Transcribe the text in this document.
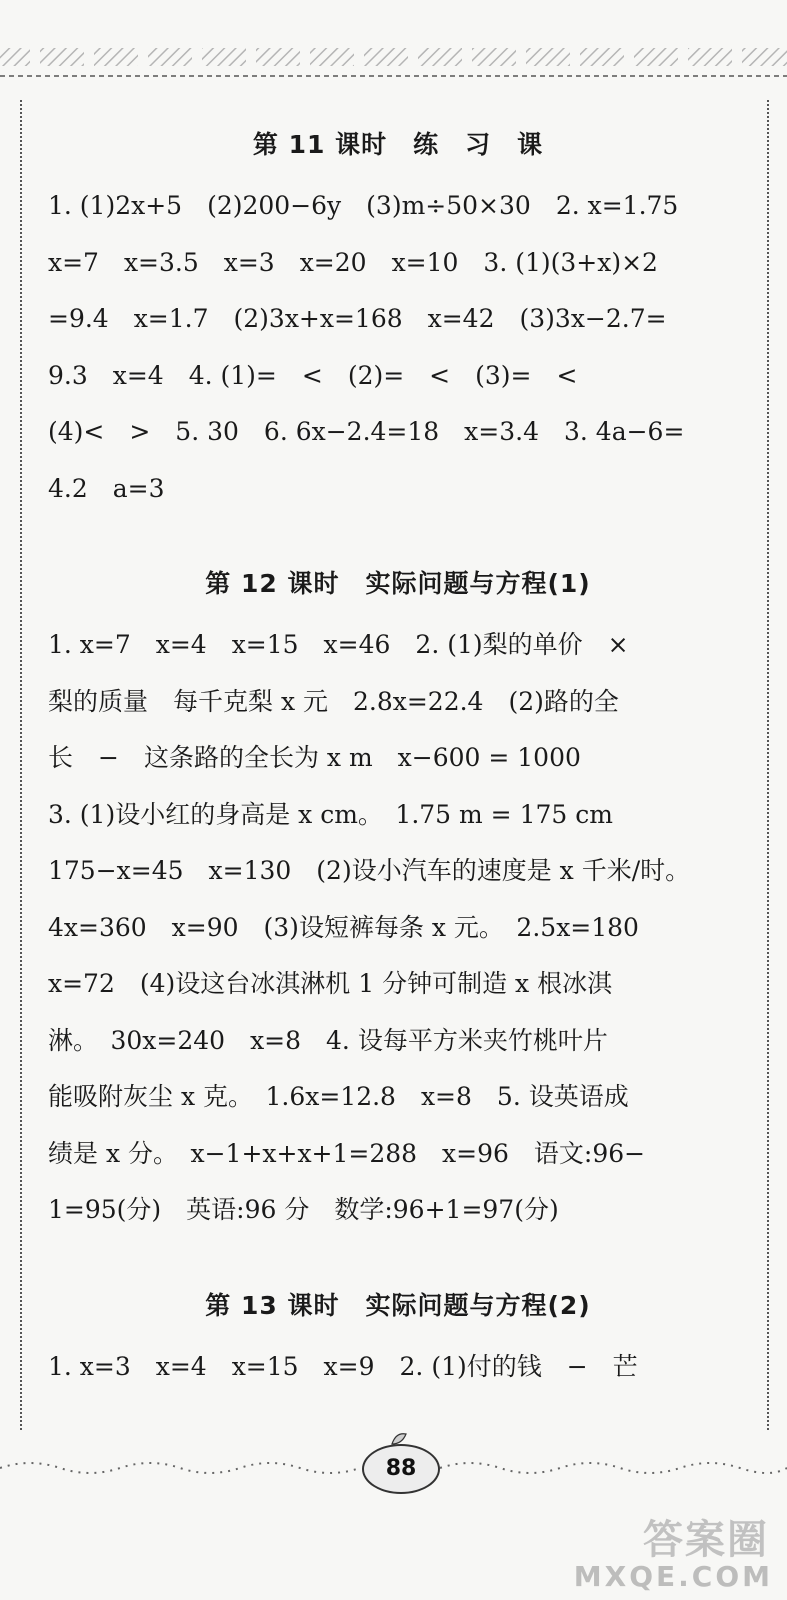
第 11 课时　练　习　课
1. (1)2x+5　(2)200−6y　(3)m÷50×30　2. x=1.75
x=7　x=3.5　x=3　x=20　x=10　3. (1)(3+x)×2
=9.4　x=1.7　(2)3x+x=168　x=42　(3)3x−2.7=
9.3　x=4　4. (1)=　<　(2)=　<　(3)=　<
(4)<　>　5. 30　6. 6x−2.4=18　x=3.4　3. 4a−6=
4.2　a=3
第 12 课时　实际问题与方程(1)
1. x=7　x=4　x=15　x=46　2. (1)梨的单价　×
梨的质量　每千克梨 x 元　2.8x=22.4　(2)路的全
长　−　这条路的全长为 x m　x−600 = 1000
3. (1)设小红的身高是 x cm。　1.75 m = 175 cm
175−x=45　x=130　(2)设小汽车的速度是 x 千米/时。
4x=360　x=90　(3)设短裤每条 x 元。　2.5x=180
x=72　(4)设这台冰淇淋机 1 分钟可制造 x 根冰淇
淋。　30x=240　x=8　4. 设每平方米夹竹桃叶片
能吸附灰尘 x 克。　1.6x=12.8　x=8　5. 设英语成
绩是 x 分。　x−1+x+x+1=288　x=96　语文:96−
1=95(分)　英语:96 分　数学:96+1=97(分)
第 13 课时　实际问题与方程(2)
1. x=3　x=4　x=15　x=9　2. (1)付的钱　−　芒
88
答案圈
MXQE.COM
